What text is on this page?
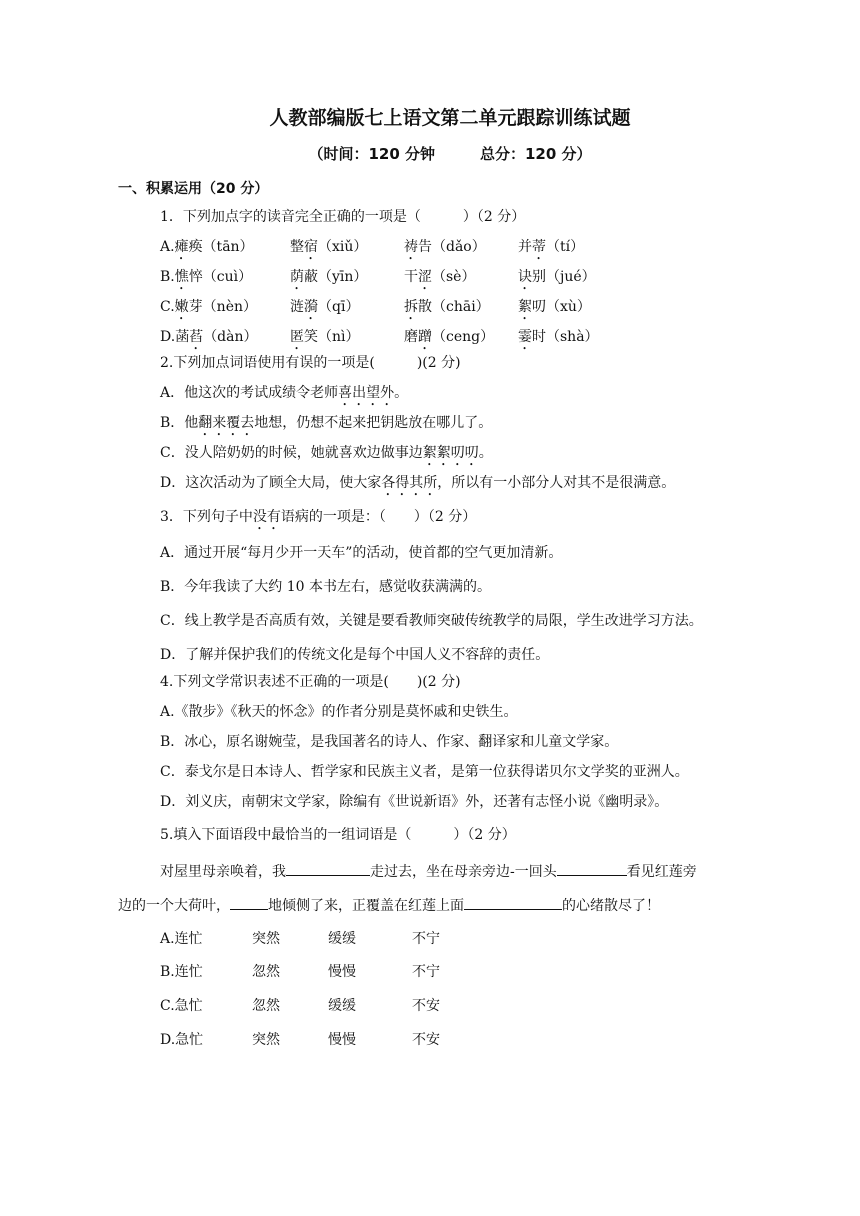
人教部编版七上语文第二单元跟踪训练试题
（时间：120 分钟　　　总分：120 分）
一、积累运用（20 分）
1．下列加点字的读音完全正确的一项是（　　　）（2 分）
A.瘫痪（tān）	整宿（xiǔ）	祷告（dǎo） 并蒂（tí）
B.憔悴（cuì）	荫蔽（yīn）	干涩（sè）	诀别（jué）
C.嫩芽（nèn） 涟漪（qī）	拆散（chāi） 絮叨（xù）
D.菡萏（dàn） 匿笑（nì）	磨蹭（ceng） 霎时（shà）
2.下列加点词语使用有误的一项是(　　　)(2 分)
A．他这次的考试成绩令老师喜出望外。
B．他翻来覆去地想，仍想不起来把钥匙放在哪儿了。
C．没人陪奶奶的时候，她就喜欢边做事边絮絮叨叨。
D．这次活动为了顾全大局，使大家各得其所，所以有一小部分人对其不是很满意。
3．下列句子中没有语病的一项是：（　　）（2 分）
A．通过开展“每月少开一天车”的活动，使首都的空气更加清新。
B．今年我读了大约 10 本书左右，感觉收获满满的。
C．线上教学是否高质有效，关键是要看教师突破传统教学的局限，学生改进学习方法。
D．了解并保护我们的传统文化是每个中国人义不容辞的责任。
4.下列文学常识表述不正确的一项是(　　)(2 分)
A.《散步》《秋天的怀念》的作者分别是莫怀戚和史铁生。
B．冰心，原名谢婉莹，是我国著名的诗人、作家、翻译家和儿童文学家。
C．泰戈尔是日本诗人、哲学家和民族主义者，是第一位获得诺贝尔文学奖的亚洲人。
D．刘义庆，南朝宋文学家，除编有《世说新语》外，还著有志怪小说《幽明录》。
5.填入下面语段中最恰当的一组词语是（　　　）（2 分）
对屋里母亲唤着，我	走过去，坐在母亲旁边-一回头	看见红莲旁
边的一个大荷叶，	地倾侧了来，正覆盖在红莲上面	的心绪散尽了！
A.连忙	突然	缓缓	不宁
B.连忙	忽然	慢慢	不宁
C.急忙	忽然	缓缓	不安
D.急忙	突然	慢慢	不安
